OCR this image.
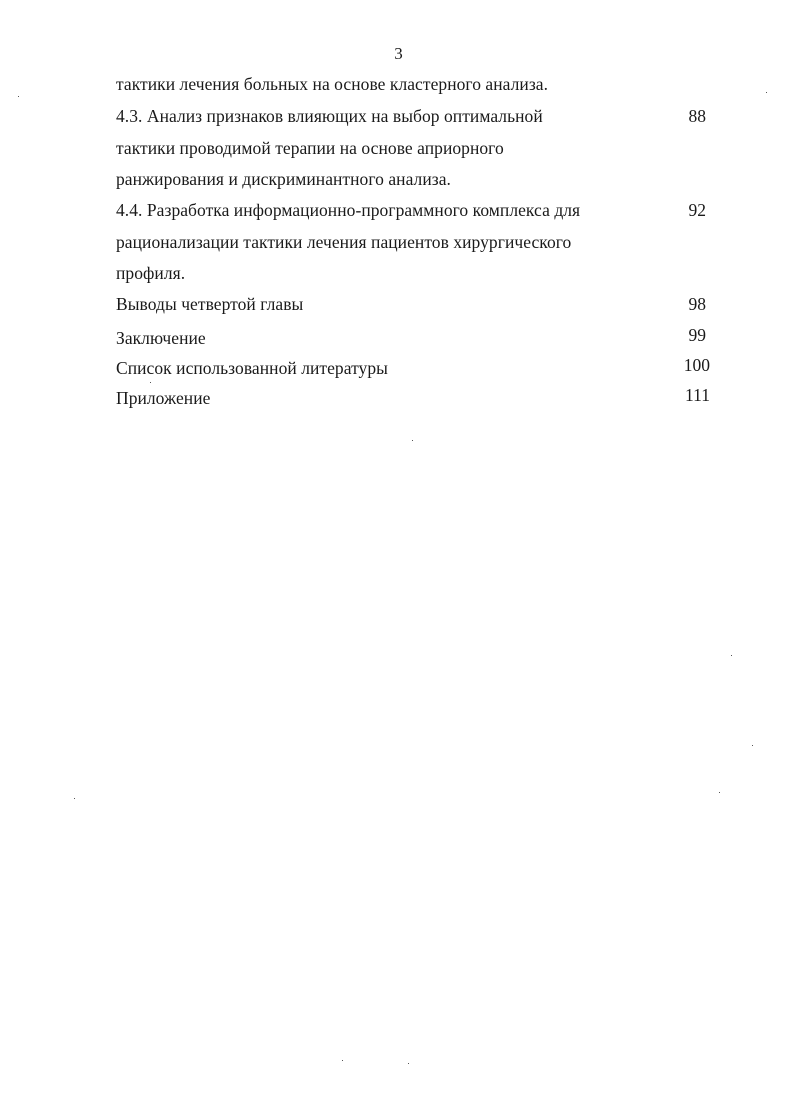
3
тактики лечения больных на основе кластерного анализа.
4.3. Анализ признаков влияющих на выбор оптимальной	88
тактики проводимой терапии на основе априорного
ранжирования и дискриминантного анализа.
4.4. Разработка информационно-программного комплекса для	92
рационализации тактики лечения пациентов хирургического
профиля.
Выводы четвертой главы	98
Заключение	99
Список использованной литературы	100
Приложение	111
